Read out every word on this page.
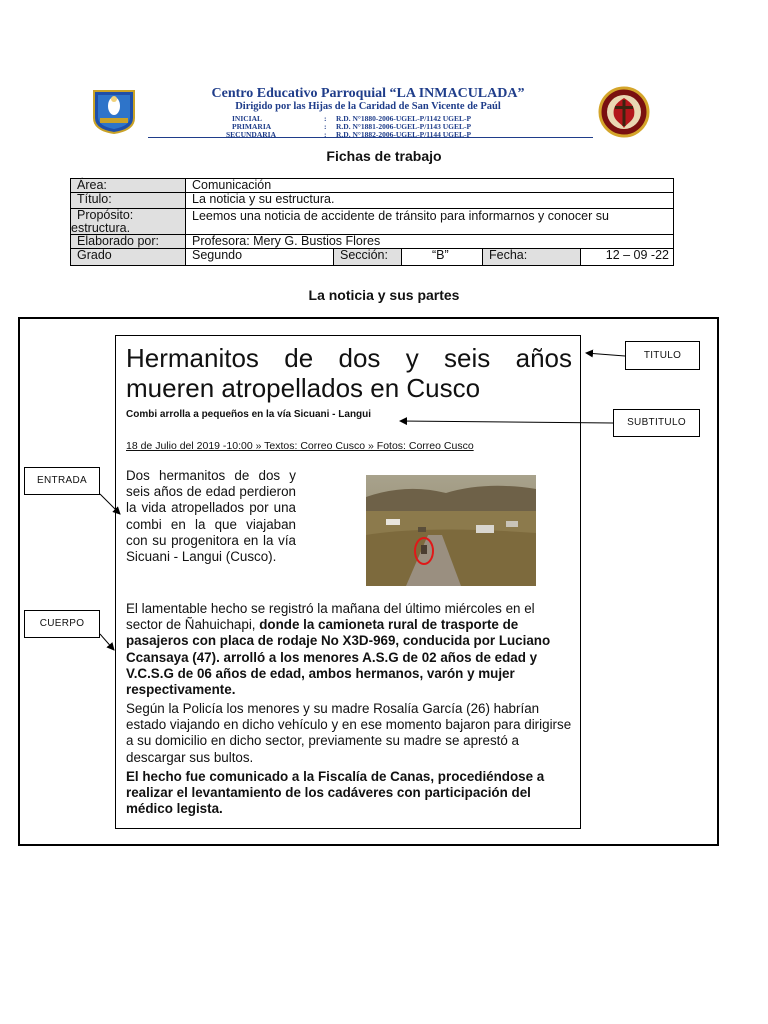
Centro Educativo Parroquial “LA INMACULADA”
Dirigido por las Hijas de la Caridad de San Vicente de Paúl
INICIAL	: R.D. N°1880-2006-UGEL-P/1142 UGEL-P
PRIMARIA	: R.D. N°1881-2006-UGEL-P/1143 UGEL-P
SECUNDARIA	: R.D. N°1882-2006-UGEL-P/1144 UGEL-P
Fichas de trabajo
Área:	Comunicación
Título:	La noticia y su estructura.
Propósito:	Leemos una noticia de accidente de tránsito para informarnos y conocer su
estructura.
Elaborado por:	Profesora: Mery G. Bustios Flores
Grado	Segundo	Sección:	“B”	Fecha:	12 – 09 -22
La noticia y sus partes
Hermanitos de dos y seis años
mueren atropellados en Cusco
Combi arrolla a pequeños en la vía Sicuani - Langui
18 de Julio del 2019 -10:00 » Textos: Correo Cusco » Fotos: Correo Cusco
Dos hermanitos de dos y seis años de edad perdieron la vida atropellados por una combi en la que viajaban con su progenitora en la vía Sicuani - Langui (Cusco).
El lamentable hecho se registró la mañana del último miércoles en el sector de Ñahuichapi, donde la camioneta rural de trasporte de pasajeros con placa de rodaje No X3D-969, conducida por Luciano Ccansaya (47). arrolló a los menores A.S.G de 02 años de edad y V.C.S.G de 06 años de edad, ambos hermanos, varón y mujer respectivamente.
Según la Policía los menores y su madre Rosalía García (26) habrían estado viajando en dicho vehículo y en ese momento bajaron para dirigirse a su domicilio en dicho sector, previamente su madre se aprestó a descargar sus bultos.
El hecho fue comunicado a la Fiscalía de Canas, procediéndose a realizar el levantamiento de los cadáveres con participación del médico legista.
TITULO
SUBTITULO
ENTRADA
CUERPO
